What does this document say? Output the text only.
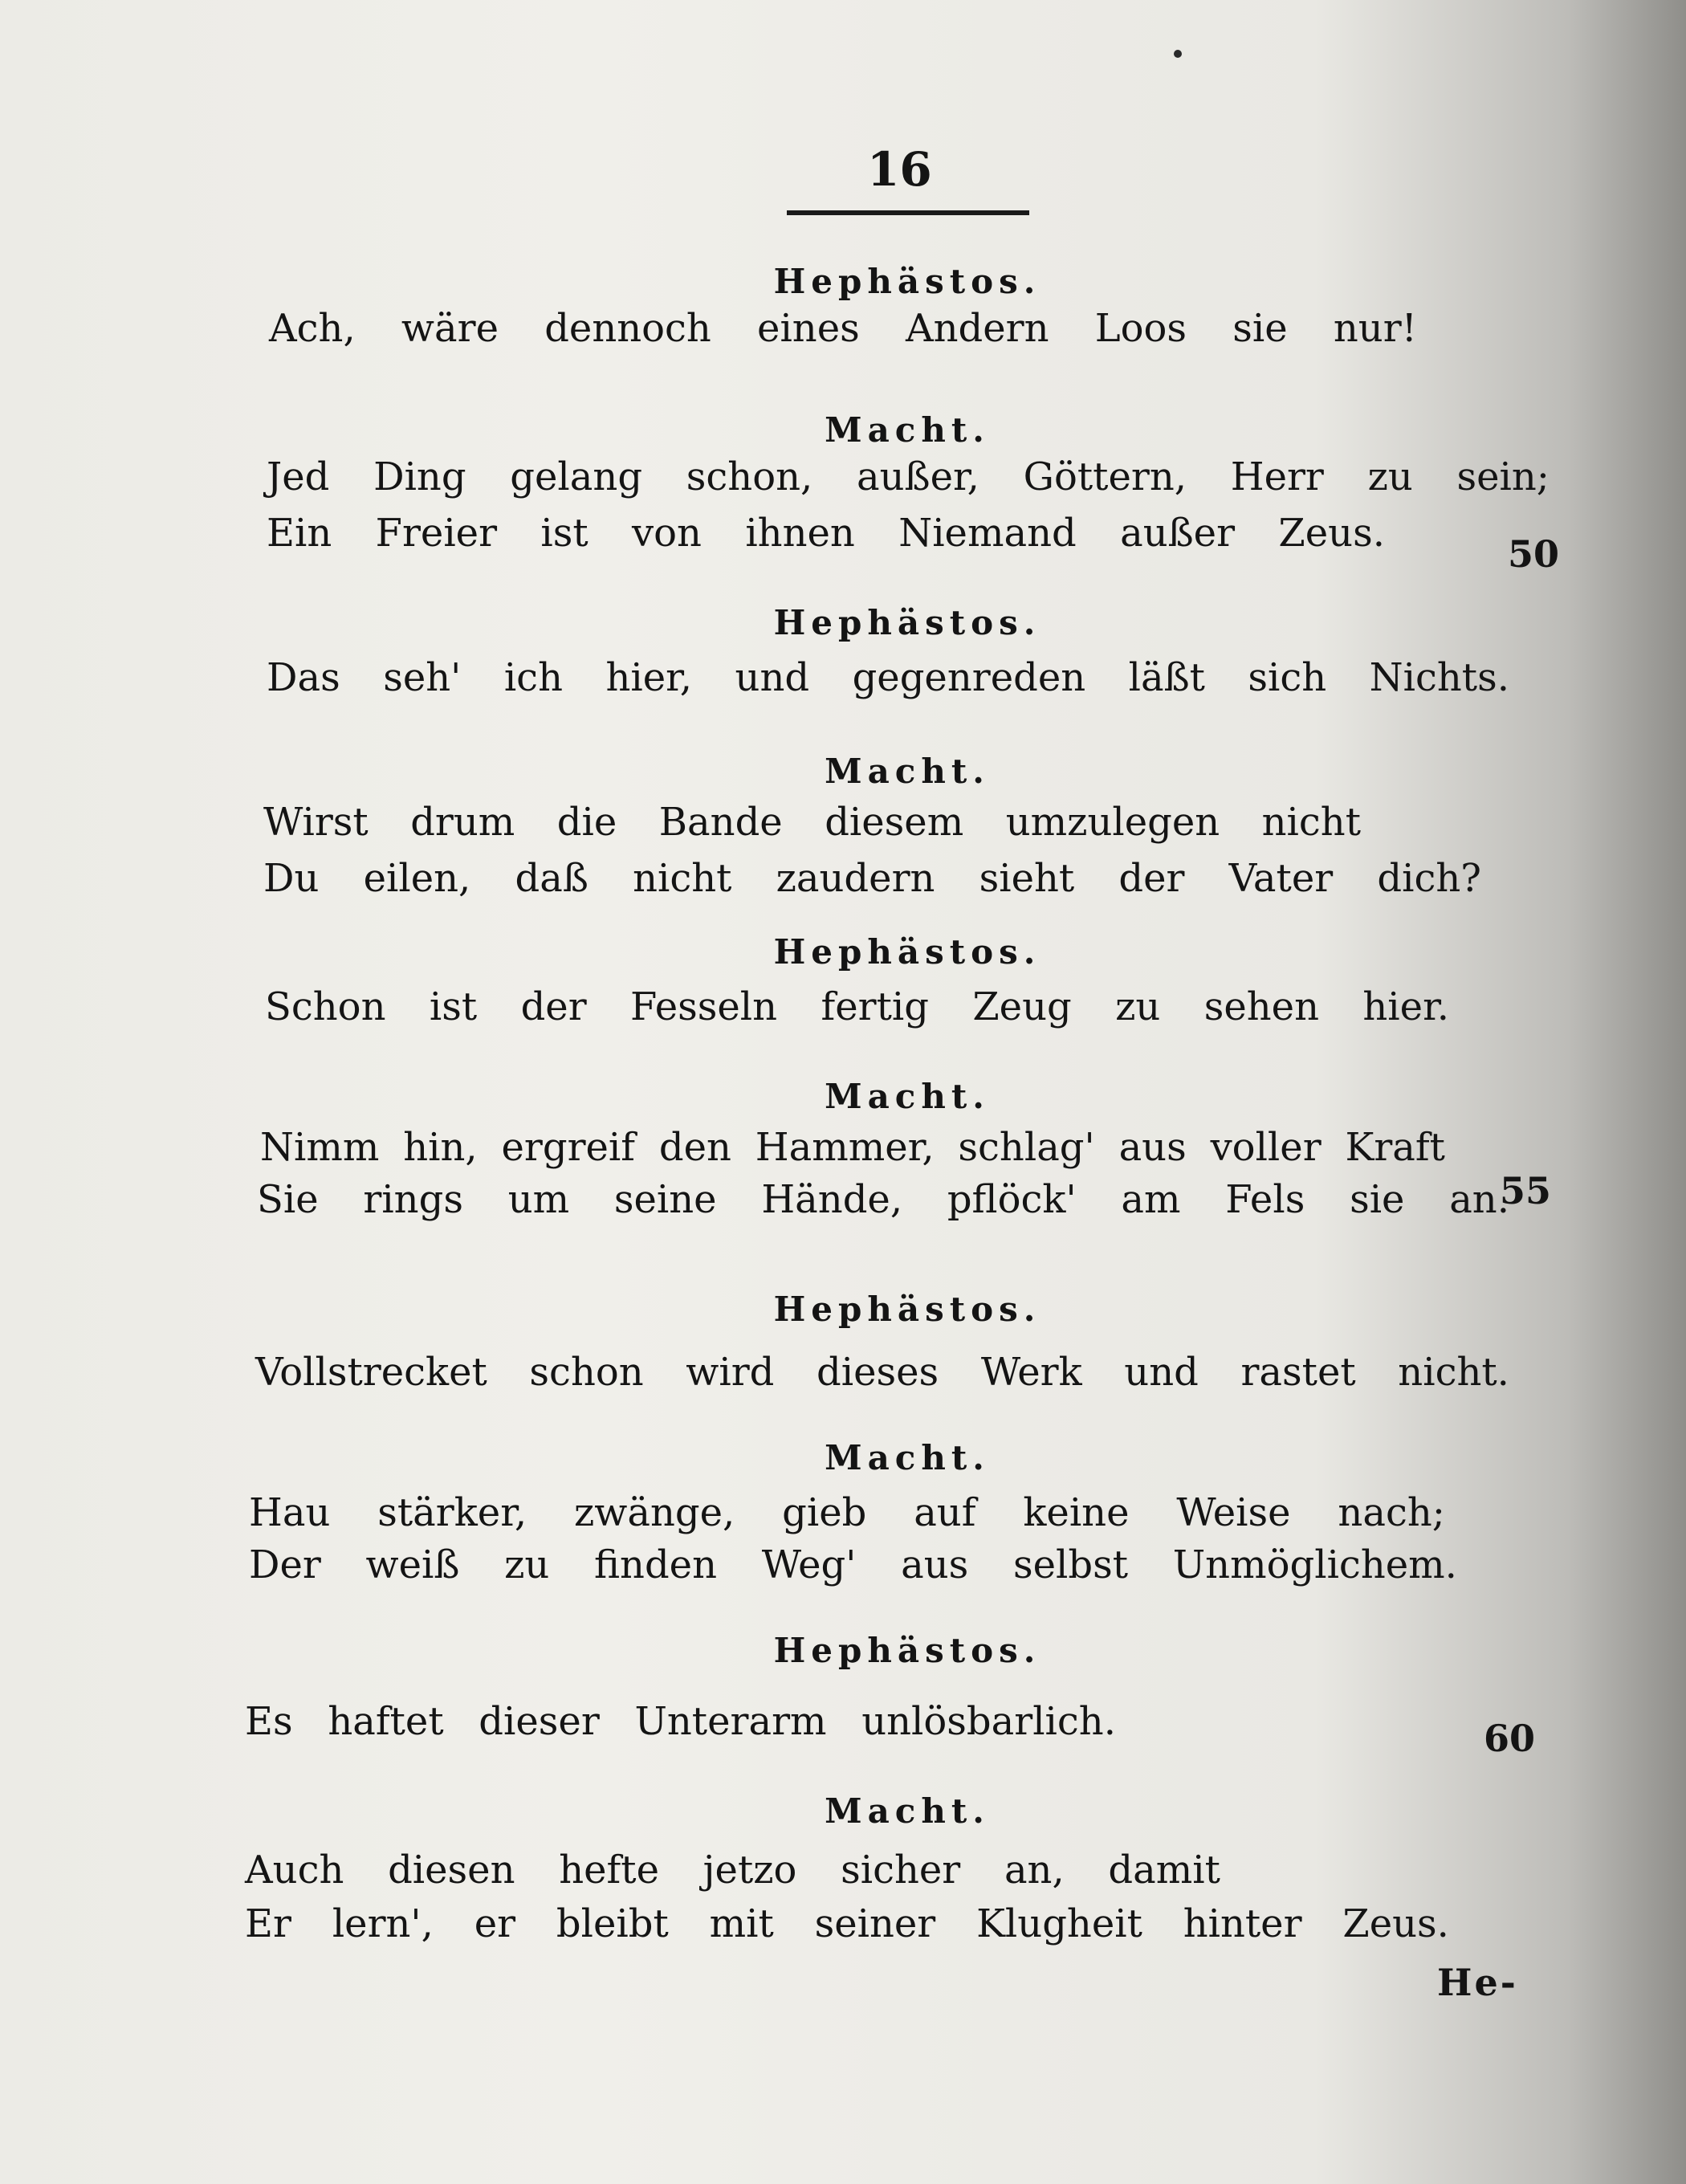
16
Hephästos.
Ach, wäre dennoch eines Andern Loos sie nur!
Macht.
Jed Ding gelang schon, außer, Göttern, Herr zu sein;
Ein Freier ist von ihnen Niemand außer Zeus.	50
Hephästos.
Das seh' ich hier, und gegenreden läßt sich Nichts.
Macht.
Wirst drum die Bande diesem umzulegen nicht
Du eilen, daß nicht zaudern sieht der Vater dich?
Hephästos.
Schon ist der Fesseln fertig Zeug zu sehen hier.
Macht.
Nimm hin, ergreif den Hammer, schlag' aus voller Kraft
55
Sie rings um seine Hände, pflöck' am Fels sie an.
Hephästos.
Vollstrecket schon wird dieses Werk und rastet nicht.
Macht.
Hau stärker, zwänge, gieb auf keine Weise nach;
Der weiß zu finden Weg' aus selbst Unmöglichem.
Hephästos.
Es haftet dieser Unterarm unlösbarlich.	60
Macht.
Auch diesen hefte jetzo sicher an, damit
Er lern', er bleibt mit seiner Klugheit hinter Zeus.
He-
